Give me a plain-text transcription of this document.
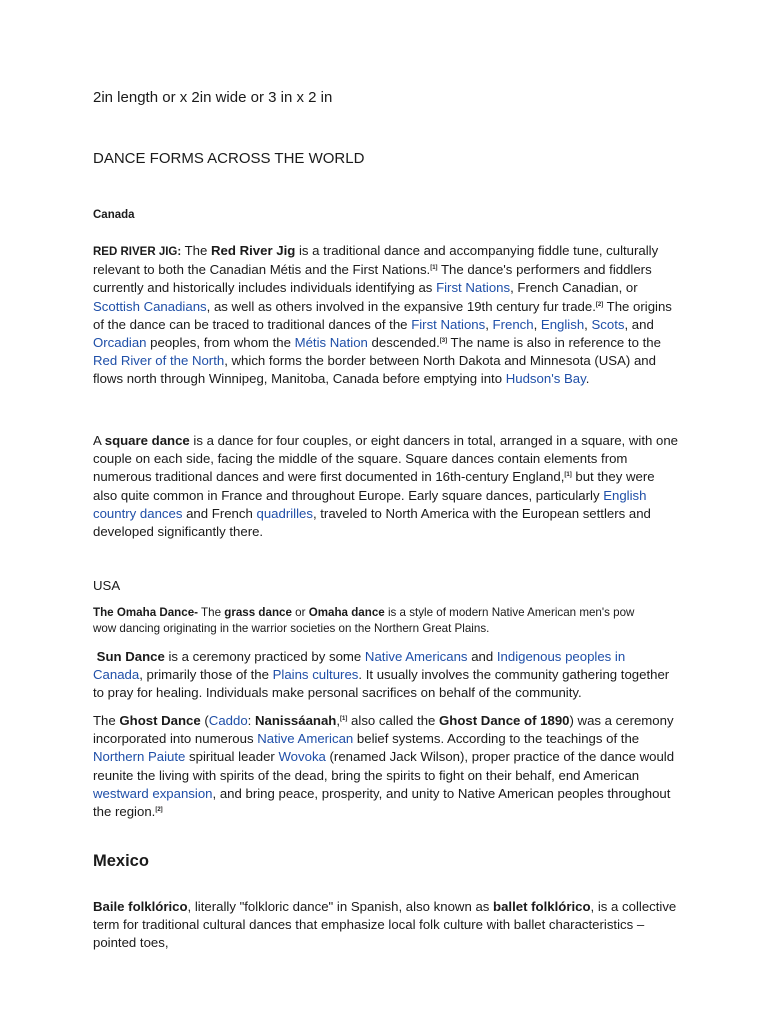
2in length or x 2in wide or 3 in x 2 in

DANCE FORMS ACROSS THE WORLD

Canada

RED RIVER JIG: The Red River Jig is a traditional dance and accompanying fiddle tune, culturally relevant to both the Canadian Métis and the First Nations.[1] The dance's performers and fiddlers currently and historically includes individuals identifying as First Nations, French Canadian, or Scottish Canadians, as well as others involved in the expansive 19th century fur trade.[2] The origins of the dance can be traced to traditional dances of the First Nations, French, English, Scots, and Orcadian peoples, from whom the Métis Nation descended.[3] The name is also in reference to the Red River of the North, which forms the border between North Dakota and Minnesota (USA) and flows north through Winnipeg, Manitoba, Canada before emptying into Hudson's Bay.

A square dance is a dance for four couples, or eight dancers in total, arranged in a square, with one couple on each side, facing the middle of the square. Square dances contain elements from numerous traditional dances and were first documented in 16th-century England,[1] but they were also quite common in France and throughout Europe. Early square dances, particularly English country dances and French quadrilles, traveled to North America with the European settlers and developed significantly there.

USA

The Omaha Dance- The grass dance or Omaha dance is a style of modern Native American men's pow wow dancing originating in the warrior societies on the Northern Great Plains.

Sun Dance is a ceremony practiced by some Native Americans and Indigenous peoples in Canada, primarily those of the Plains cultures. It usually involves the community gathering together to pray for healing. Individuals make personal sacrifices on behalf of the community.

The Ghost Dance (Caddo: Nanissáanah,[1] also called the Ghost Dance of 1890) was a ceremony incorporated into numerous Native American belief systems. According to the teachings of the Northern Paiute spiritual leader Wovoka (renamed Jack Wilson), proper practice of the dance would reunite the living with spirits of the dead, bring the spirits to fight on their behalf, end American westward expansion, and bring peace, prosperity, and unity to Native American peoples throughout the region.[2]

Mexico

Baile folklórico, literally "folkloric dance" in Spanish, also known as ballet folklórico, is a collective term for traditional cultural dances that emphasize local folk culture with ballet characteristics – pointed toes,
